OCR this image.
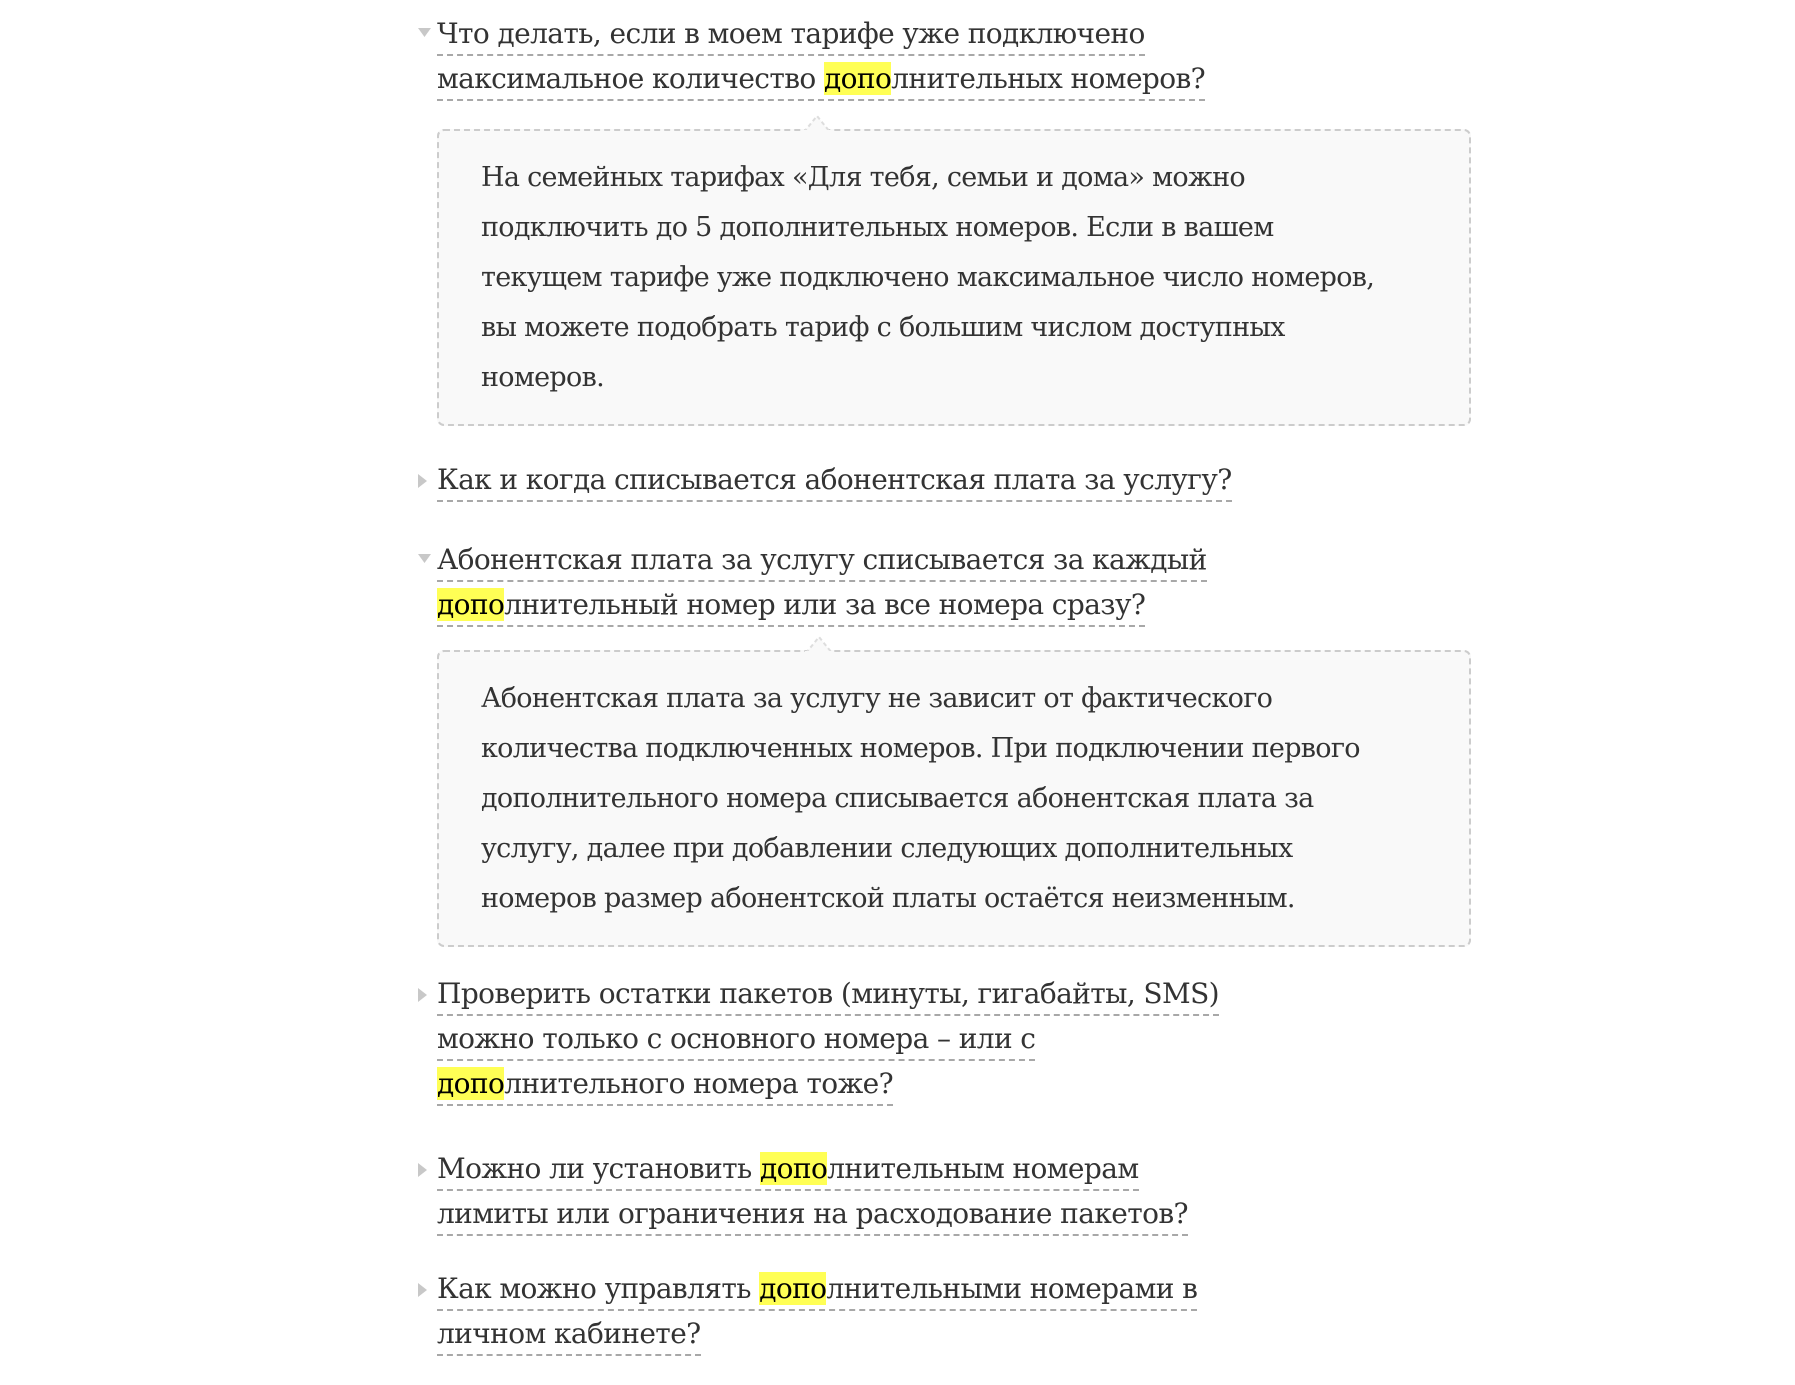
Что делать, если в моем тарифе уже подключено
максимальное количество дополнительных номеров?
На семейных тарифах «Для тебя, семьи и дома» можно
подключить до 5 дополнительных номеров. Если в вашем
текущем тарифе уже подключено максимальное число номеров,
вы можете подобрать тариф с большим числом доступных
номеров.
Как и когда списывается абонентская плата за услугу?
Абонентская плата за услугу списывается за каждый
дополнительный номер или за все номера сразу?
Абонентская плата за услугу не зависит от фактического
количества подключенных номеров. При подключении первого
дополнительного номера списывается абонентская плата за
услугу, далее при добавлении следующих дополнительных
номеров размер абонентской платы остаётся неизменным.
Проверить остатки пакетов (минуты, гигабайты, SMS)
можно только с основного номера – или с
дополнительного номера тоже?
Можно ли установить дополнительным номерам
лимиты или ограничения на расходование пакетов?
Как можно управлять дополнительными номерами в
личном кабинете?
